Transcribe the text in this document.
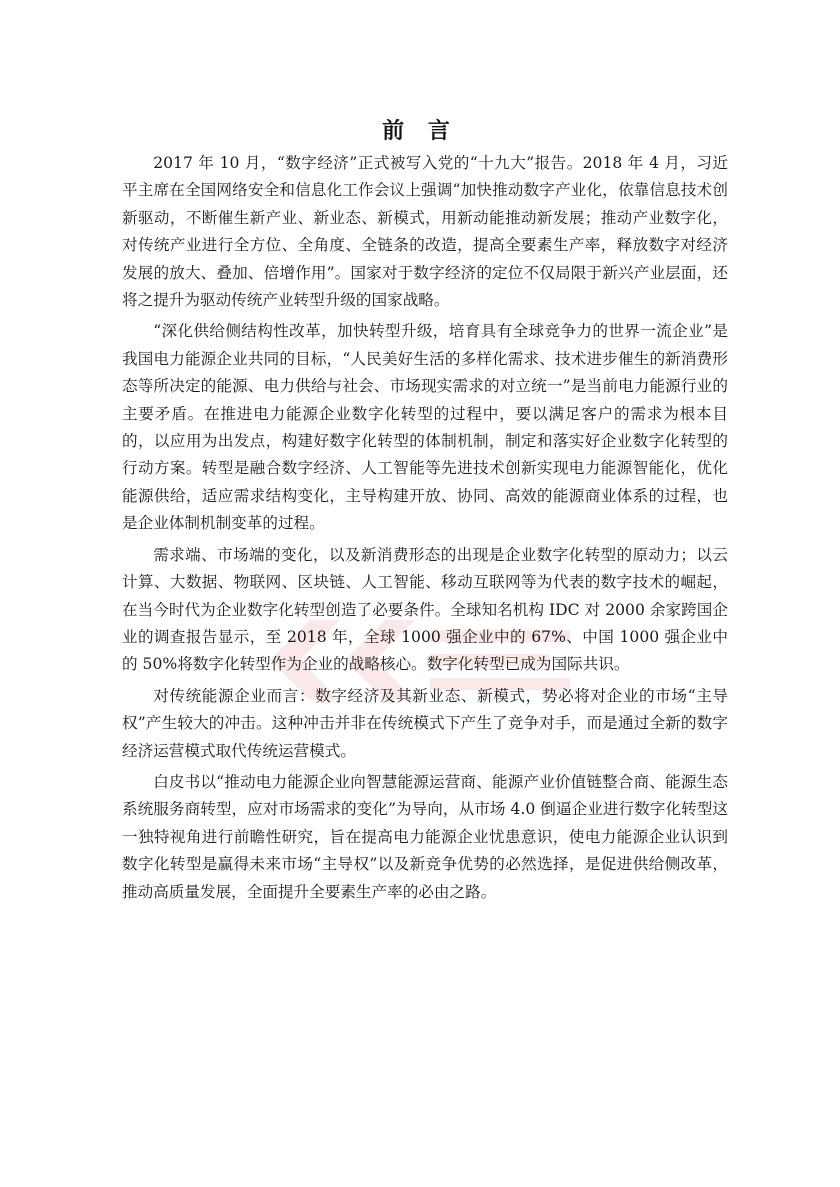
前 言

2017 年 10 月，“数字经济”正式被写入党的“十九大”报告。2018 年 4 月，习近平主席在全国网络安全和信息化工作会议上强调“加快推动数字产业化，依靠信息技术创新驱动，不断催生新产业、新业态、新模式，用新动能推动新发展；推动产业数字化，对传统产业进行全方位、全角度、全链条的改造，提高全要素生产率，释放数字对经济发展的放大、叠加、倍增作用”。国家对于数字经济的定位不仅局限于新兴产业层面，还将之提升为驱动传统产业转型升级的国家战略。

“深化供给侧结构性改革，加快转型升级，培育具有全球竞争力的世界一流企业”是我国电力能源企业共同的目标，“人民美好生活的多样化需求、技术进步催生的新消费形态等所决定的能源、电力供给与社会、市场现实需求的对立统一”是当前电力能源行业的主要矛盾。在推进电力能源企业数字化转型的过程中，要以满足客户的需求为根本目的，以应用为出发点，构建好数字化转型的体制机制，制定和落实好企业数字化转型的行动方案。转型是融合数字经济、人工智能等先进技术创新实现电力能源智能化，优化能源供给，适应需求结构变化，主导构建开放、协同、高效的能源商业体系的过程，也是企业体制机制变革的过程。

需求端、市场端的变化，以及新消费形态的出现是企业数字化转型的原动力；以云计算、大数据、物联网、区块链、人工智能、移动互联网等为代表的数字技术的崛起，在当今时代为企业数字化转型创造了必要条件。全球知名机构 IDC 对 2000 余家跨国企业的调查报告显示，至 2018 年，全球 1000 强企业中的 67%、中国 1000 强企业中的 50%将数字化转型作为企业的战略核心。数字化转型已成为国际共识。

对传统能源企业而言：数字经济及其新业态、新模式，势必将对企业的市场“主导权”产生较大的冲击。这种冲击并非在传统模式下产生了竞争对手，而是通过全新的数字经济运营模式取代传统运营模式。

白皮书以“推动电力能源企业向智慧能源运营商、能源产业价值链整合商、能源生态系统服务商转型，应对市场需求的变化”为导向，从市场 4.0 倒逼企业进行数字化转型这一独特视角进行前瞻性研究，旨在提高电力能源企业忧患意识，使电力能源企业认识到数字化转型是赢得未来市场“主导权”以及新竞争优势的必然选择，是促进供给侧改革，推动高质量发展，全面提升全要素生产率的必由之路。
